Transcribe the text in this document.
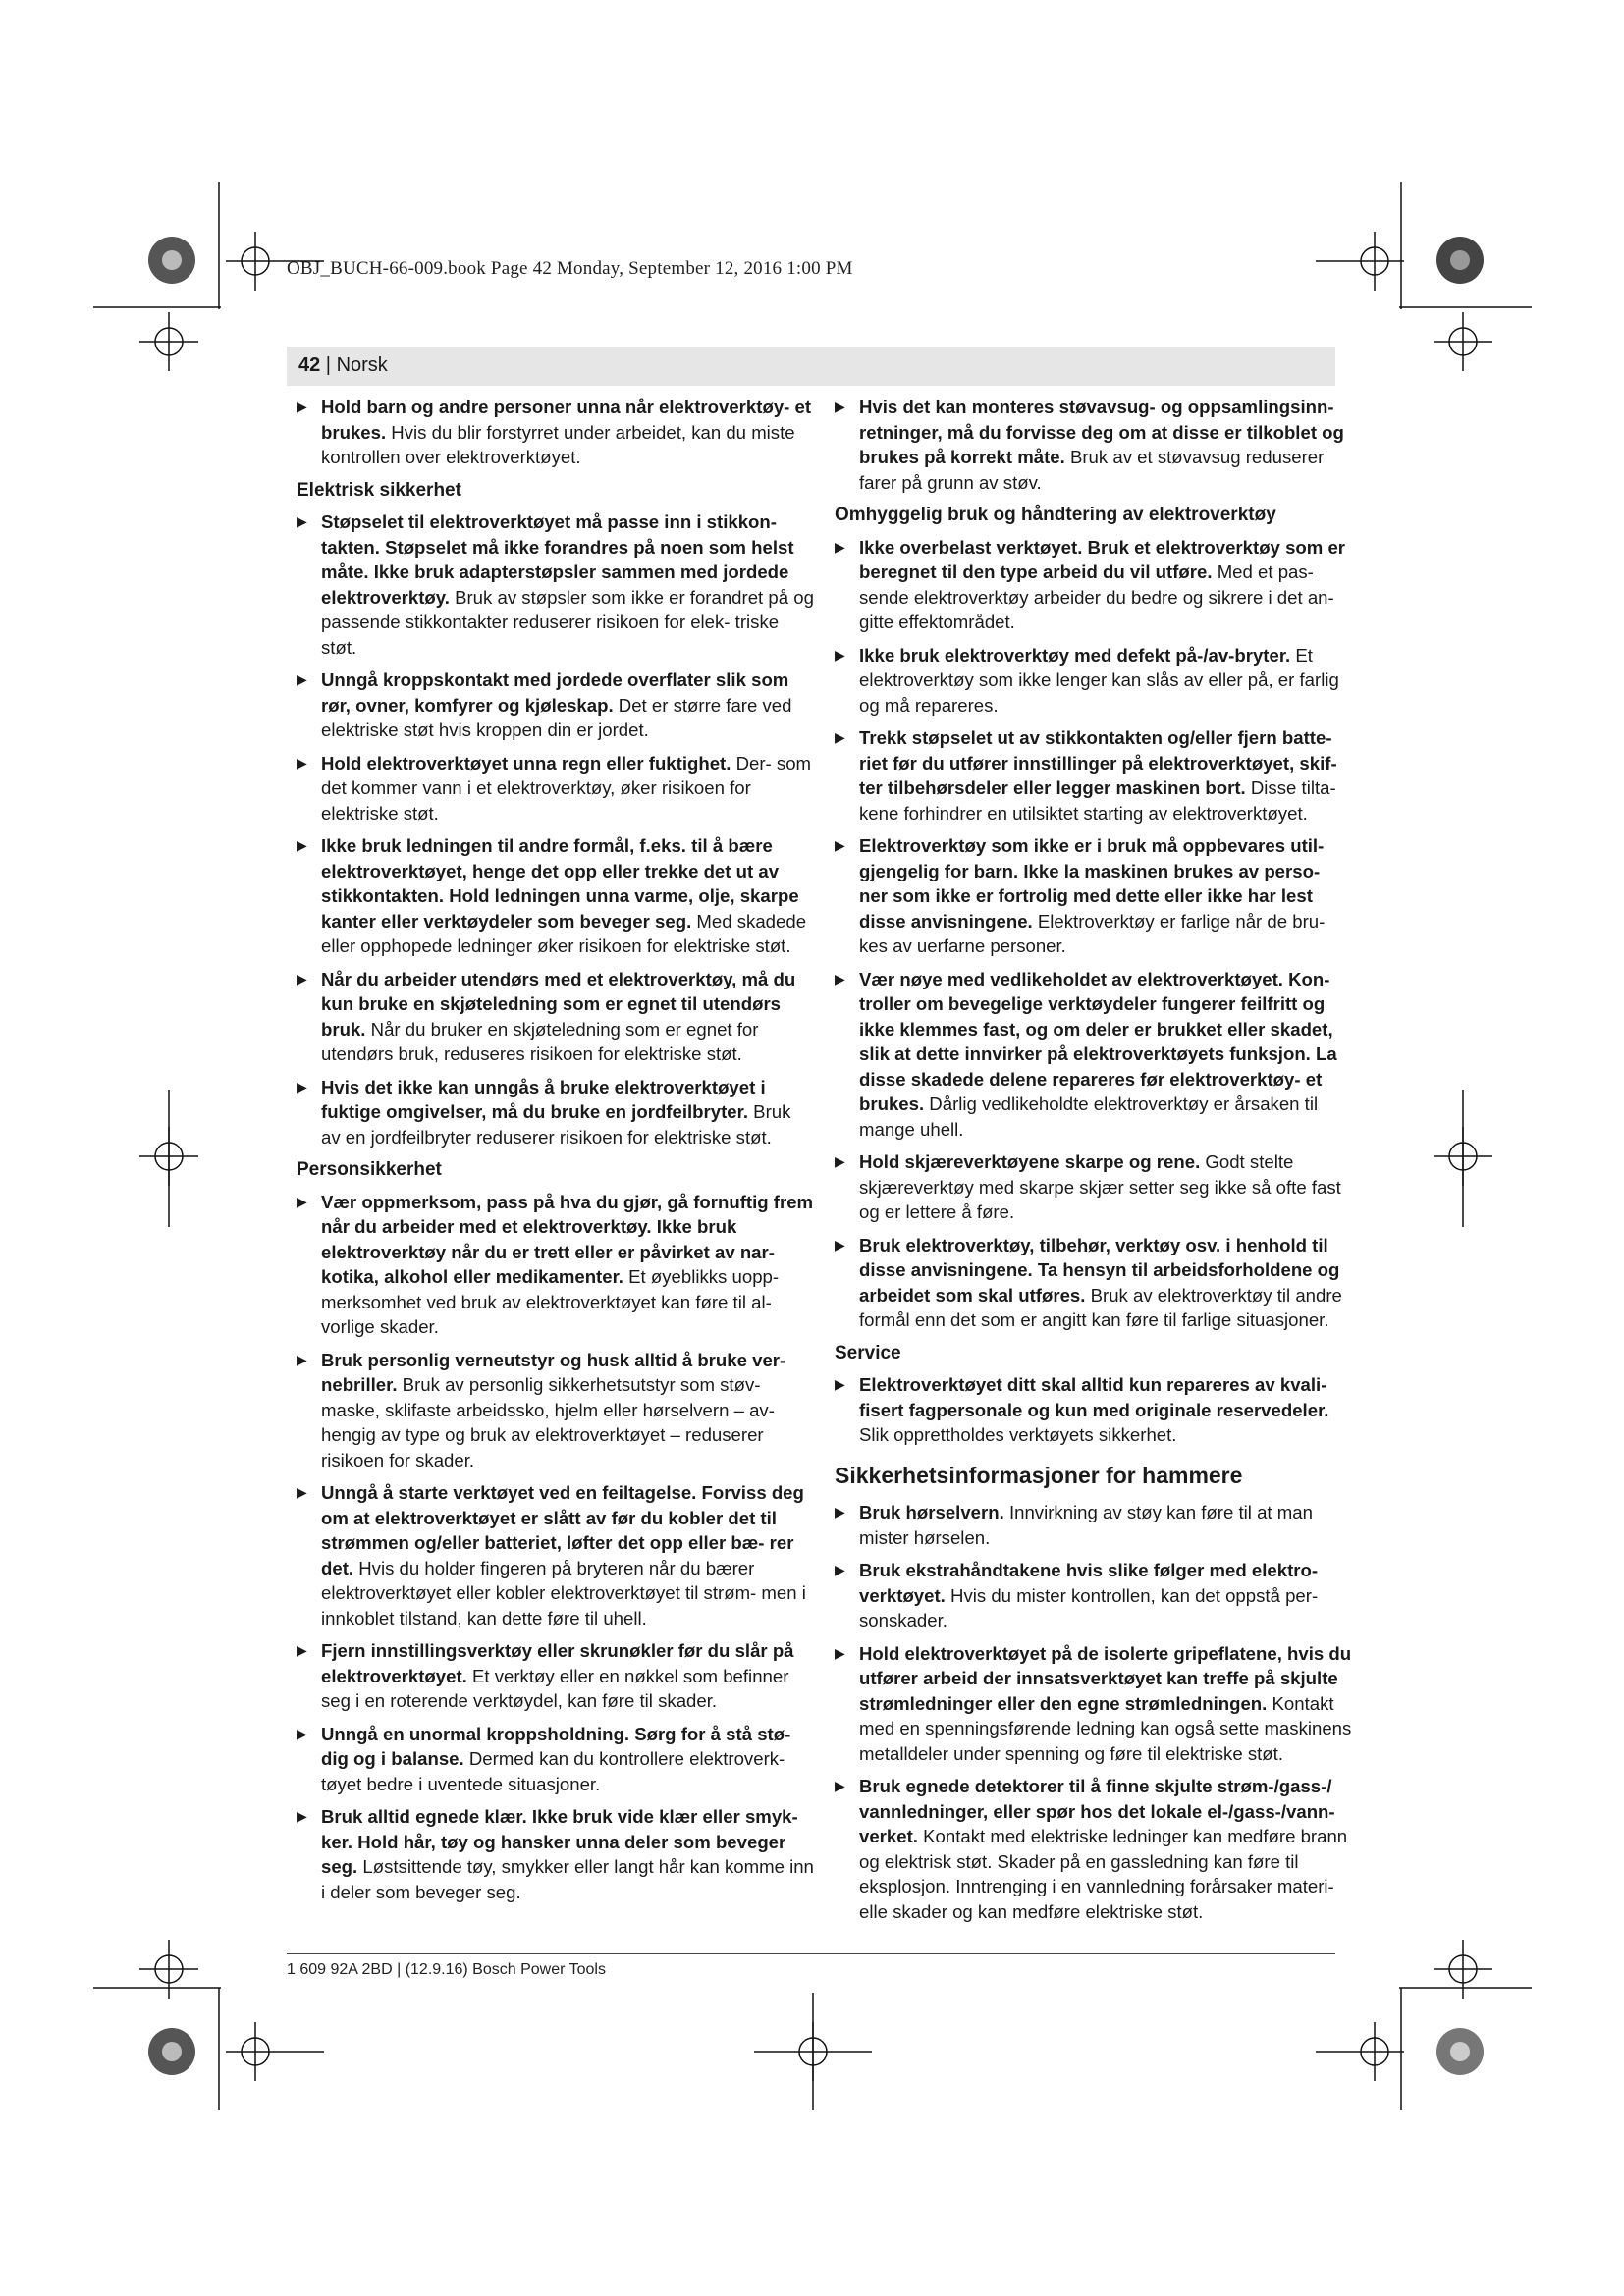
OBJ_BUCH-66-009.book Page 42 Monday, September 12, 2016 1:00 PM
42 | Norsk
▶ Hold barn og andre personer unna når elektroverktøy- et brukes. Hvis du blir forstyrret under arbeidet, kan du miste kontrollen over elektroverktøyet.
Elektrisk sikkerhet
▶ Støpselet til elektroverktøyet må passe inn i stikkon- takten. Støpselet må ikke forandres på noen som helst måte. Ikke bruk adapterstøpsler sammen med jordede elektroverktøy. Bruk av støpsler som ikke er forandret på og passende stikkontakter reduserer risikoen for elek- triske støt.
▶ Unngå kroppskontakt med jordede overflater slik som rør, ovner, komfyrer og kjøleskap. Det er større fare ved elektriske støt hvis kroppen din er jordet.
▶ Hold elektroverktøyet unna regn eller fuktighet. Der- som det kommer vann i et elektroverktøy, øker risikoen for elektriske støt.
▶ Ikke bruk ledningen til andre formål, f.eks. til å bære elektroverktøyet, henge det opp eller trekke det ut av stikkontakten. Hold ledningen unna varme, olje, skarpe kanter eller verktøydeler som beveger seg. Med skadede eller opphopede ledninger øker risikoen for elektriske støt.
▶ Når du arbeider utendørs med et elektroverktøy, må du kun bruke en skjøteledning som er egnet til utendørs bruk. Når du bruker en skjøteledning som er egnet for utendørs bruk, reduseres risikoen for elektriske støt.
▶ Hvis det ikke kan unngås å bruke elektroverktøyet i fuktige omgivelser, må du bruke en jordfeilbryter. Bruk av en jordfeilbryter reduserer risikoen for elektriske støt.
Personsikkerhet
▶ Vær oppmerksom, pass på hva du gjør, gå fornuftig frem når du arbeider med et elektroverktøy. Ikke bruk elektroverktøy når du er trett eller er påvirket av nar- kotika, alkohol eller medikamenter. Et øyeblikks uopp- merksomhet ved bruk av elektroverktøyet kan føre til al- vorlige skader.
▶ Bruk personlig verneutstyr og husk alltid å bruke ver- nebriller. Bruk av personlig sikkerhetsutstyr som støv- maske, sklifaste arbeidssko, hjelm eller hørselvern – av- hengig av type og bruk av elektroverktøyet – reduserer risikoen for skader.
▶ Unngå å starte verktøyet ved en feiltagelse. Forviss deg om at elektroverktøyet er slått av før du kobler det til strømmen og/eller batteriet, løfter det opp eller bæ- rer det. Hvis du holder fingeren på bryteren når du bærer elektroverktøyet eller kobler elektroverktøyet til strøm- men i innkoblet tilstand, kan dette føre til uhell.
▶ Fjern innstillingsverktøy eller skrunøkler før du slår på elektroverktøyet. Et verktøy eller en nøkkel som befinner seg i en roterende verktøydel, kan føre til skader.
▶ Unngå en unormal kroppsholdning. Sørg for å stå stø- dig og i balanse. Dermed kan du kontrollere elektroverk- tøyet bedre i uventede situasjoner.
▶ Bruk alltid egnede klær. Ikke bruk vide klær eller smyk- ker. Hold hår, tøy og hansker unna deler som beveger seg. Løstsittende tøy, smykker eller langt hår kan komme inn i deler som beveger seg.
▶ Hvis det kan monteres støvavsug- og oppsamlingsinn- retninger, må du forvisse deg om at disse er tilkoblet og brukes på korrekt måte. Bruk av et støvavsug reduserer farer på grunn av støv.
Omhyggelig bruk og håndtering av elektroverktøy
▶ Ikke overbelast verktøyet. Bruk et elektroverktøy som er beregnet til den type arbeid du vil utføre. Med et pas- sende elektroverktøy arbeider du bedre og sikrere i det an- gitte effektområdet.
▶ Ikke bruk elektroverktøy med defekt på-/av-bryter. Et elektroverktøy som ikke lenger kan slås av eller på, er farlig og må repareres.
▶ Trekk støpselet ut av stikkontakten og/eller fjern batte- riet før du utfører innstillinger på elektroverktøyet, skif- ter tilbehørsdeler eller legger maskinen bort. Disse tilta- kene forhindrer en utilsiktet starting av elektroverktøyet.
▶ Elektroverktøy som ikke er i bruk må oppbevares util- gjengelig for barn. Ikke la maskinen brukes av perso- ner som ikke er fortrolig med dette eller ikke har lest disse anvisningene. Elektroverktøy er farlige når de bru- kes av uerfarne personer.
▶ Vær nøye med vedlikeholdet av elektroverktøyet. Kon- troller om bevegelige verktøydeler fungerer feilfritt og ikke klemmes fast, og om deler er brukket eller skadet, slik at dette innvirker på elektroverktøyets funksjon. La disse skadede delene repareres før elektroverktøy- et brukes. Dårlig vedlikeholdte elektroverktøy er årsaken til mange uhell.
▶ Hold skjæreverktøyene skarpe og rene. Godt stelte skjæreverktøy med skarpe skjær setter seg ikke så ofte fast og er lettere å føre.
▶ Bruk elektroverktøy, tilbehør, verktøy osv. i henhold til disse anvisningene. Ta hensyn til arbeidsforholdene og arbeidet som skal utføres. Bruk av elektroverktøy til andre formål enn det som er angitt kan føre til farlige situasjoner.
Service
▶ Elektroverktøyet ditt skal alltid kun repareres av kvali- fisert fagpersonale og kun med originale reservedeler. Slik opprettholdes verktøyets sikkerhet.
Sikkerhetsinformasjoner for hammere
▶ Bruk hørselvern. Innvirkning av støy kan føre til at man mister hørselen.
▶ Bruk ekstrahåndtakene hvis slike følger med elektro- verktøyet. Hvis du mister kontrollen, kan det oppstå per- sonskader.
▶ Hold elektroverktøyet på de isolerte gripeflatene, hvis du utfører arbeid der innsatsverktøyet kan treffe på skjulte strømledninger eller den egne strømledningen. Kontakt med en spenningsførende ledning kan også sette maskinens metalldeler under spenning og føre til elektriske støt.
▶ Bruk egnede detektorer til å finne skjulte strøm-/gass-/ vannledninger, eller spør hos det lokale el-/gass-/vann- verket. Kontakt med elektriske ledninger kan medføre brann og elektrisk støt. Skader på en gassledning kan føre til eksplosjon. Inntrenging i en vannledning forårsaker materi- elle skader og kan medføre elektriske støt.
1 609 92A 2BD | (12.9.16) Bosch Power Tools
